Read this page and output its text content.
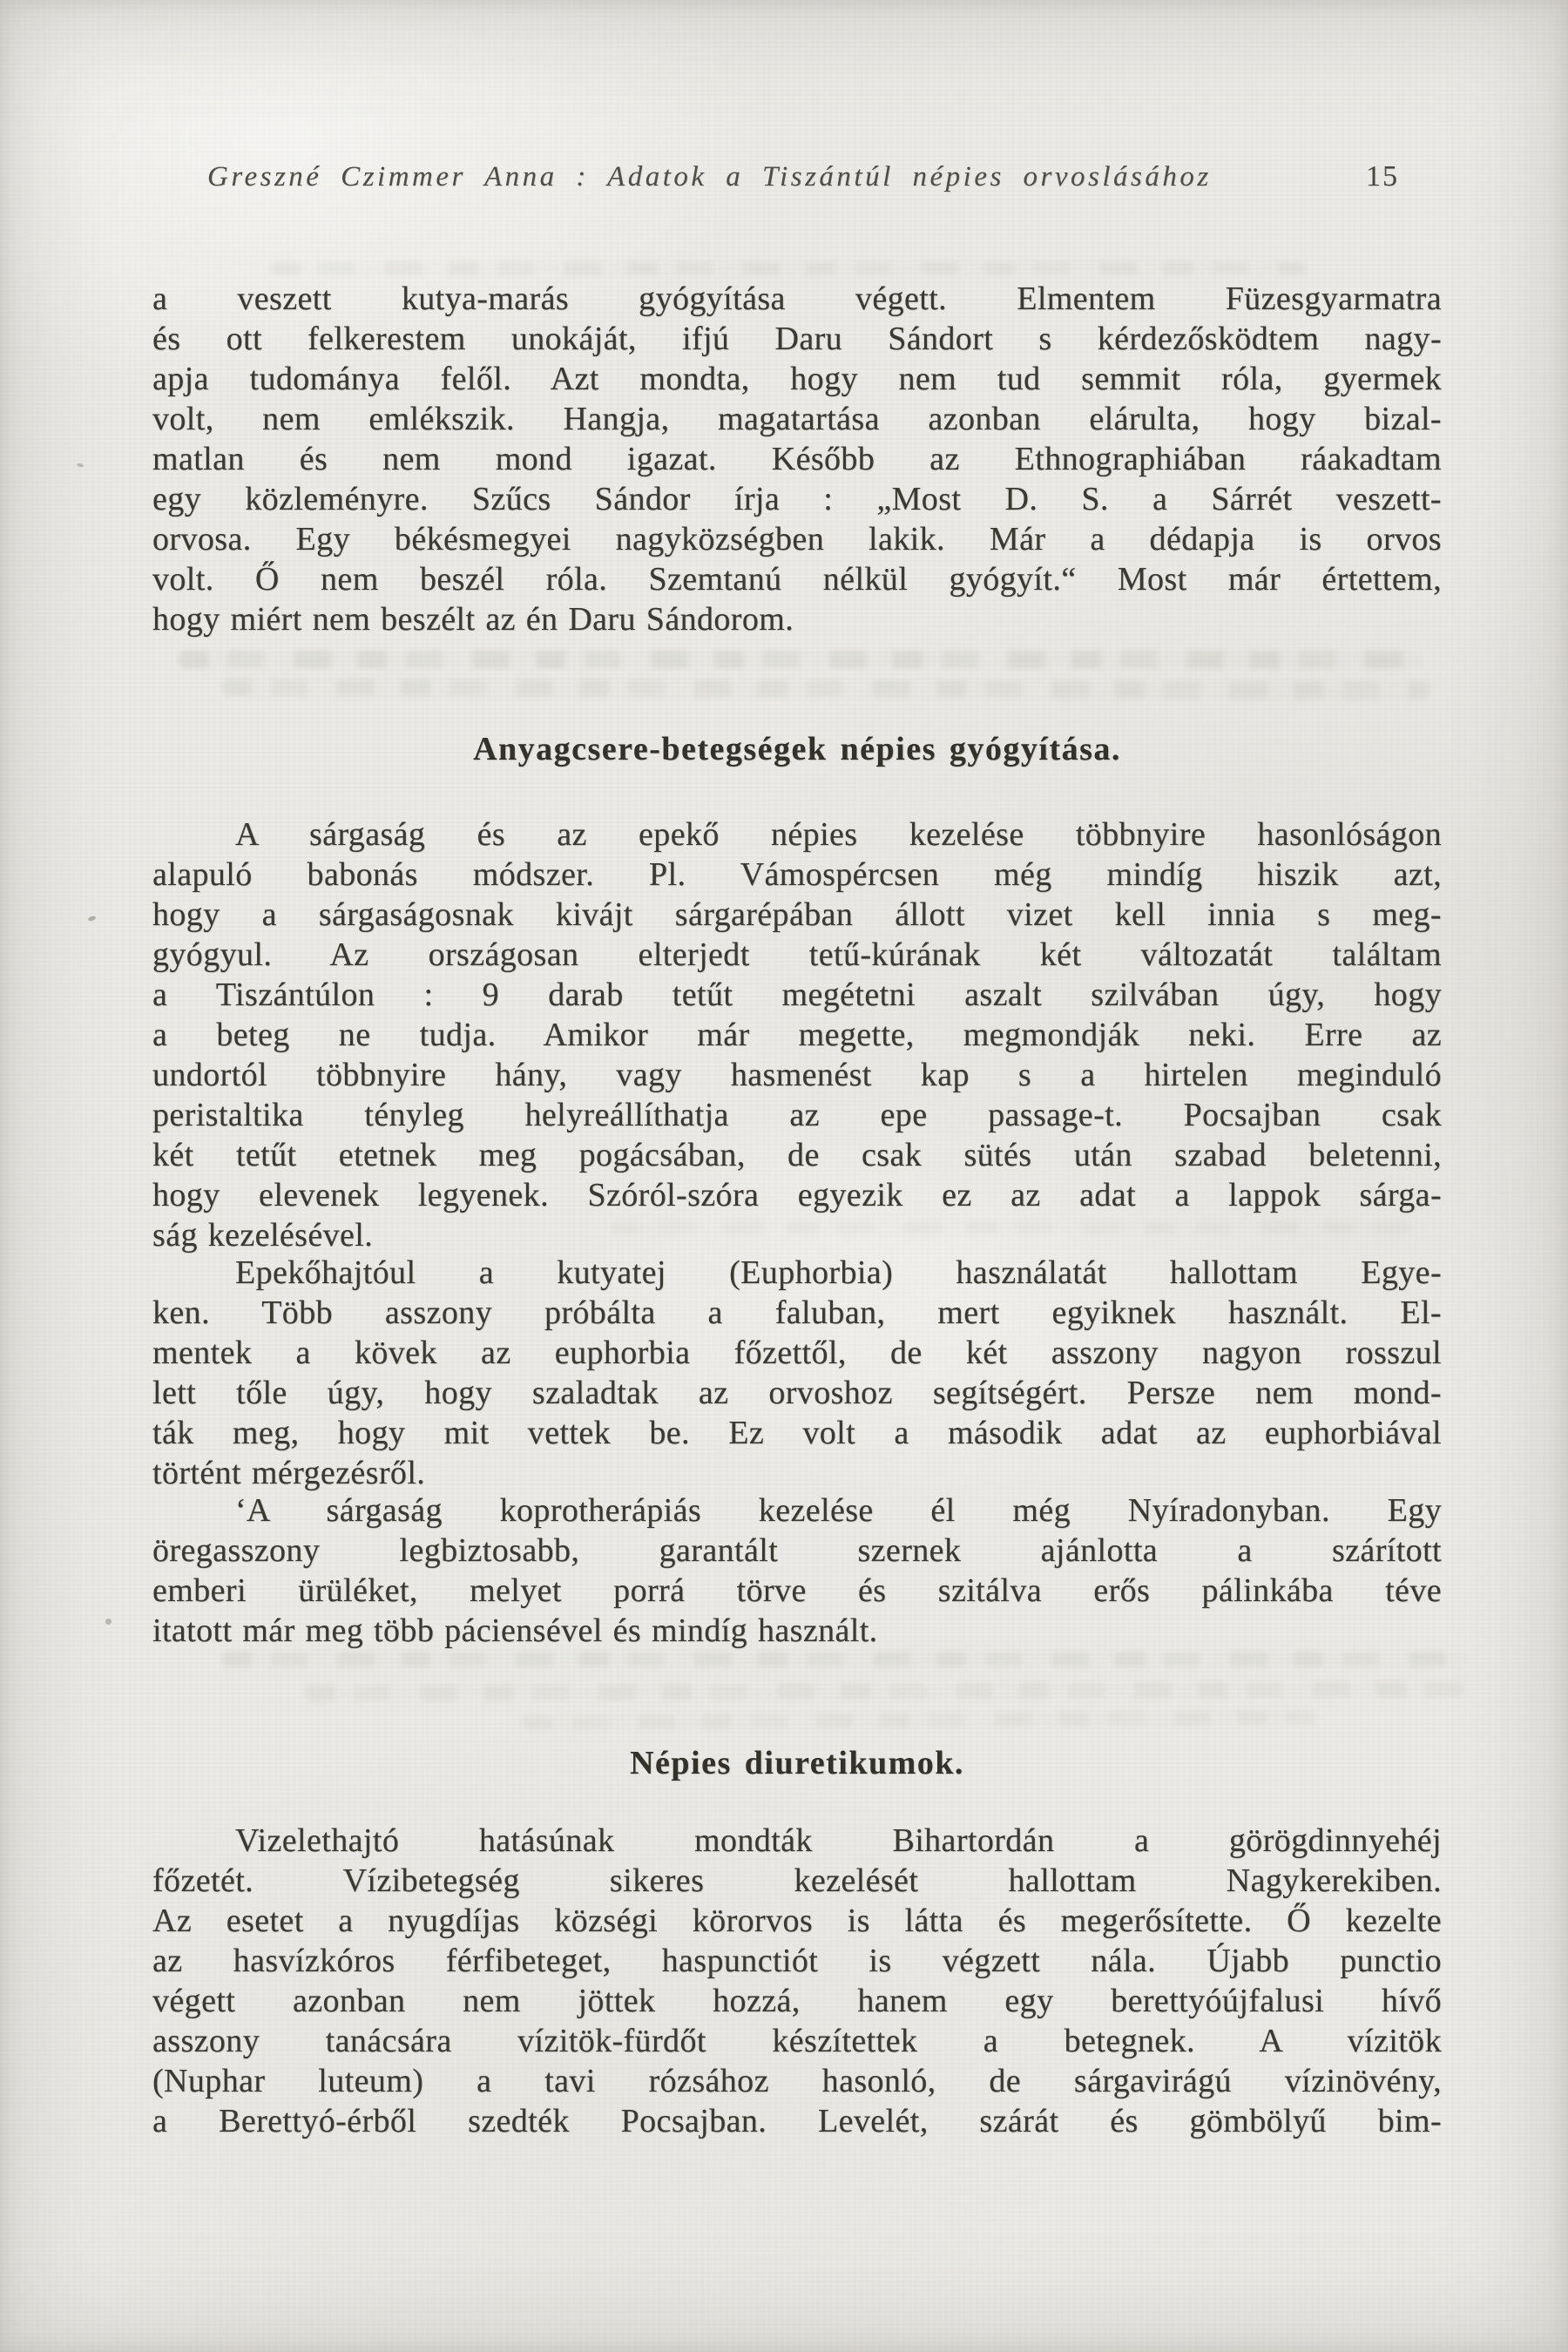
Greszné Czimmer Anna : Adatok a Tiszántúl népies orvoslásához	15
a veszett kutya-marás gyógyítása végett. Elmentem Füzesgyarmatra
és ott felkerestem unokáját, ifjú Daru Sándort s kérdezősködtem nagy-
apja tudománya felől. Azt mondta, hogy nem tud semmit róla, gyermek
volt, nem emlékszik. Hangja, magatartása azonban elárulta, hogy bizal-
matlan és nem mond igazat. Később az Ethnographiában ráakadtam
egy közleményre. Szűcs Sándor írja : „Most D. S. a Sárrét veszett-
orvosa. Egy békésmegyei nagyközségben lakik. Már a dédapja is orvos
volt. Ő nem beszél róla. Szemtanú nélkül gyógyít.“ Most már értettem,
hogy miért nem beszélt az én Daru Sándorom.
Anyagcsere-betegségek népies gyógyítása.
A sárgaság és az epekő népies kezelése többnyire hasonlóságon
alapuló babonás módszer. Pl. Vámospércsen még mindíg hiszik azt,
hogy a sárgaságosnak kivájt sárgarépában állott vizet kell innia s meg-
gyógyul. Az országosan elterjedt tetű-kúrának két változatát találtam
a Tiszántúlon : 9 darab tetűt megétetni aszalt szilvában úgy, hogy
a beteg ne tudja. Amikor már megette, megmondják neki. Erre az
undortól többnyire hány, vagy hasmenést kap s a hirtelen meginduló
peristaltika tényleg helyreállíthatja az epe passage-t. Pocsajban csak
két tetűt etetnek meg pogácsában, de csak sütés után szabad beletenni,
hogy elevenek legyenek. Szóról-szóra egyezik ez az adat a lappok sárga-
ság kezelésével.
Epekőhajtóul a kutyatej (Euphorbia) használatát hallottam Egye-
ken. Több asszony próbálta a faluban, mert egyiknek használt. El-
mentek a kövek az euphorbia főzettől, de két asszony nagyon rosszul
lett tőle úgy, hogy szaladtak az orvoshoz segítségért. Persze nem mond-
ták meg, hogy mit vettek be. Ez volt a második adat az euphorbiával
történt mérgezésről.
‘A sárgaság koprotherápiás kezelése él még Nyíradonyban. Egy
öregasszony legbiztosabb, garantált szernek ajánlotta a szárított
emberi ürüléket, melyet porrá törve és szitálva erős pálinkába téve
itatott már meg több páciensével és mindíg használt.
Népies diuretikumok.
Vizelethajtó hatásúnak mondták Bihartordán a görögdinnyehéj
főzetét. Vízibetegség sikeres kezelését hallottam Nagykerekiben.
Az esetet a nyugdíjas községi körorvos is látta és megerősítette. Ő kezelte
az hasvízkóros férfibeteget, haspunctiót is végzett nála. Újabb punctio
végett azonban nem jöttek hozzá, hanem egy berettyóújfalusi hívő
asszony tanácsára vízitök-fürdőt készítettek a betegnek. A vízitök
(Nuphar luteum) a tavi rózsához hasonló, de sárgavirágú vízinövény,
a Berettyó-érből szedték Pocsajban. Levelét, szárát és gömbölyű bim-
